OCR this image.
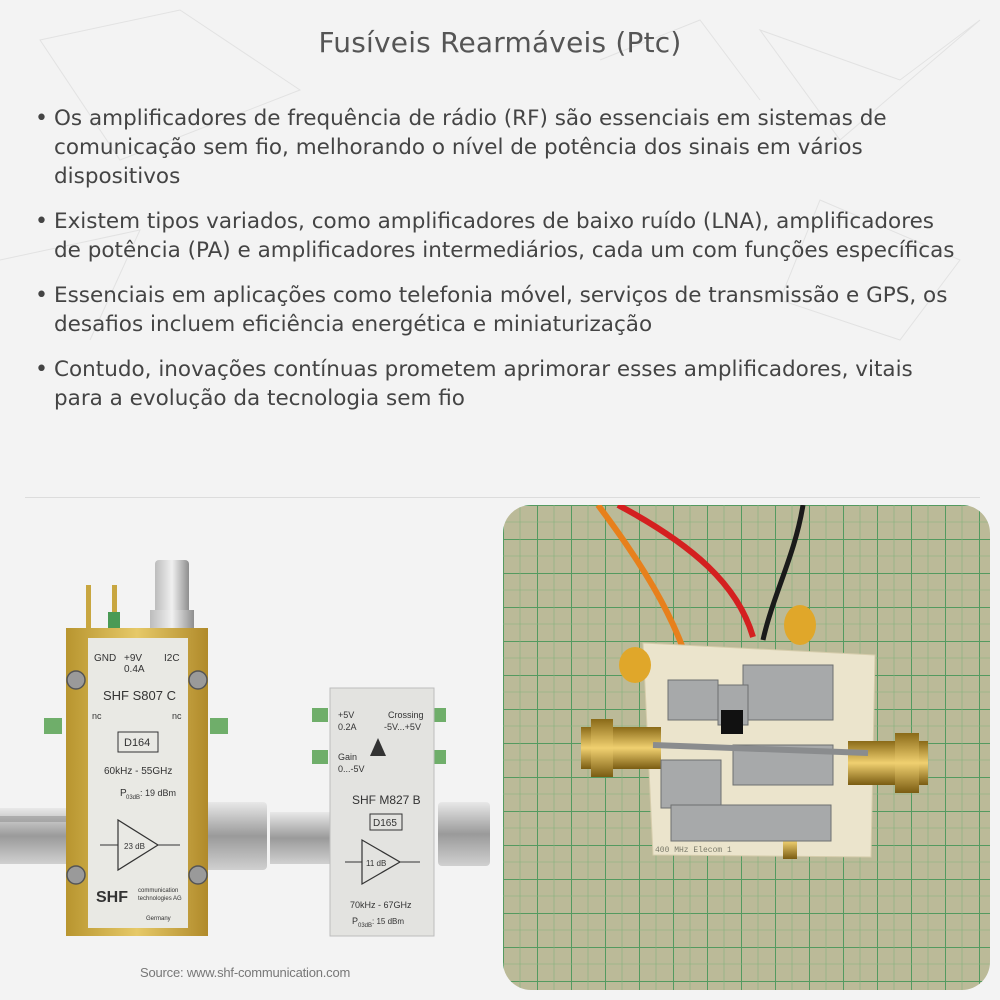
Fusíveis Rearmáveis (Ptc)
• Os amplificadores de frequência de rádio (RF) são essenciais em sistemas de comunicação sem fio, melhorando o nível de potência dos sinais em vários dispositivos
• Existem tipos variados, como amplificadores de baixo ruído (LNA), amplificadores de potência (PA) e amplificadores intermediários, cada um com funções específicas
• Essenciais em aplicações como telefonia móvel, serviços de transmissão e GPS, os desafios incluem eficiência energética e miniaturização
• Contudo, inovações contínuas prometem aprimorar esses amplificadores, vitais para a evolução da tecnologia sem fio
GND +9V
0.4A
I2C
nc	nc
SHF S807 C
D164
60kHz - 55GHz
P 03dB : 19 dBm
23 dB
SHF communication
technologies AG
Germany
+5V
0.2A
Crossing
-5V...+5V
Gain
0...-5V
SHF M827 B
D165
11 dB
70kHz - 67GHz
P 03dB : 15 dBm
Source: www.shf-communication.com
400 MHz Elecom 1
